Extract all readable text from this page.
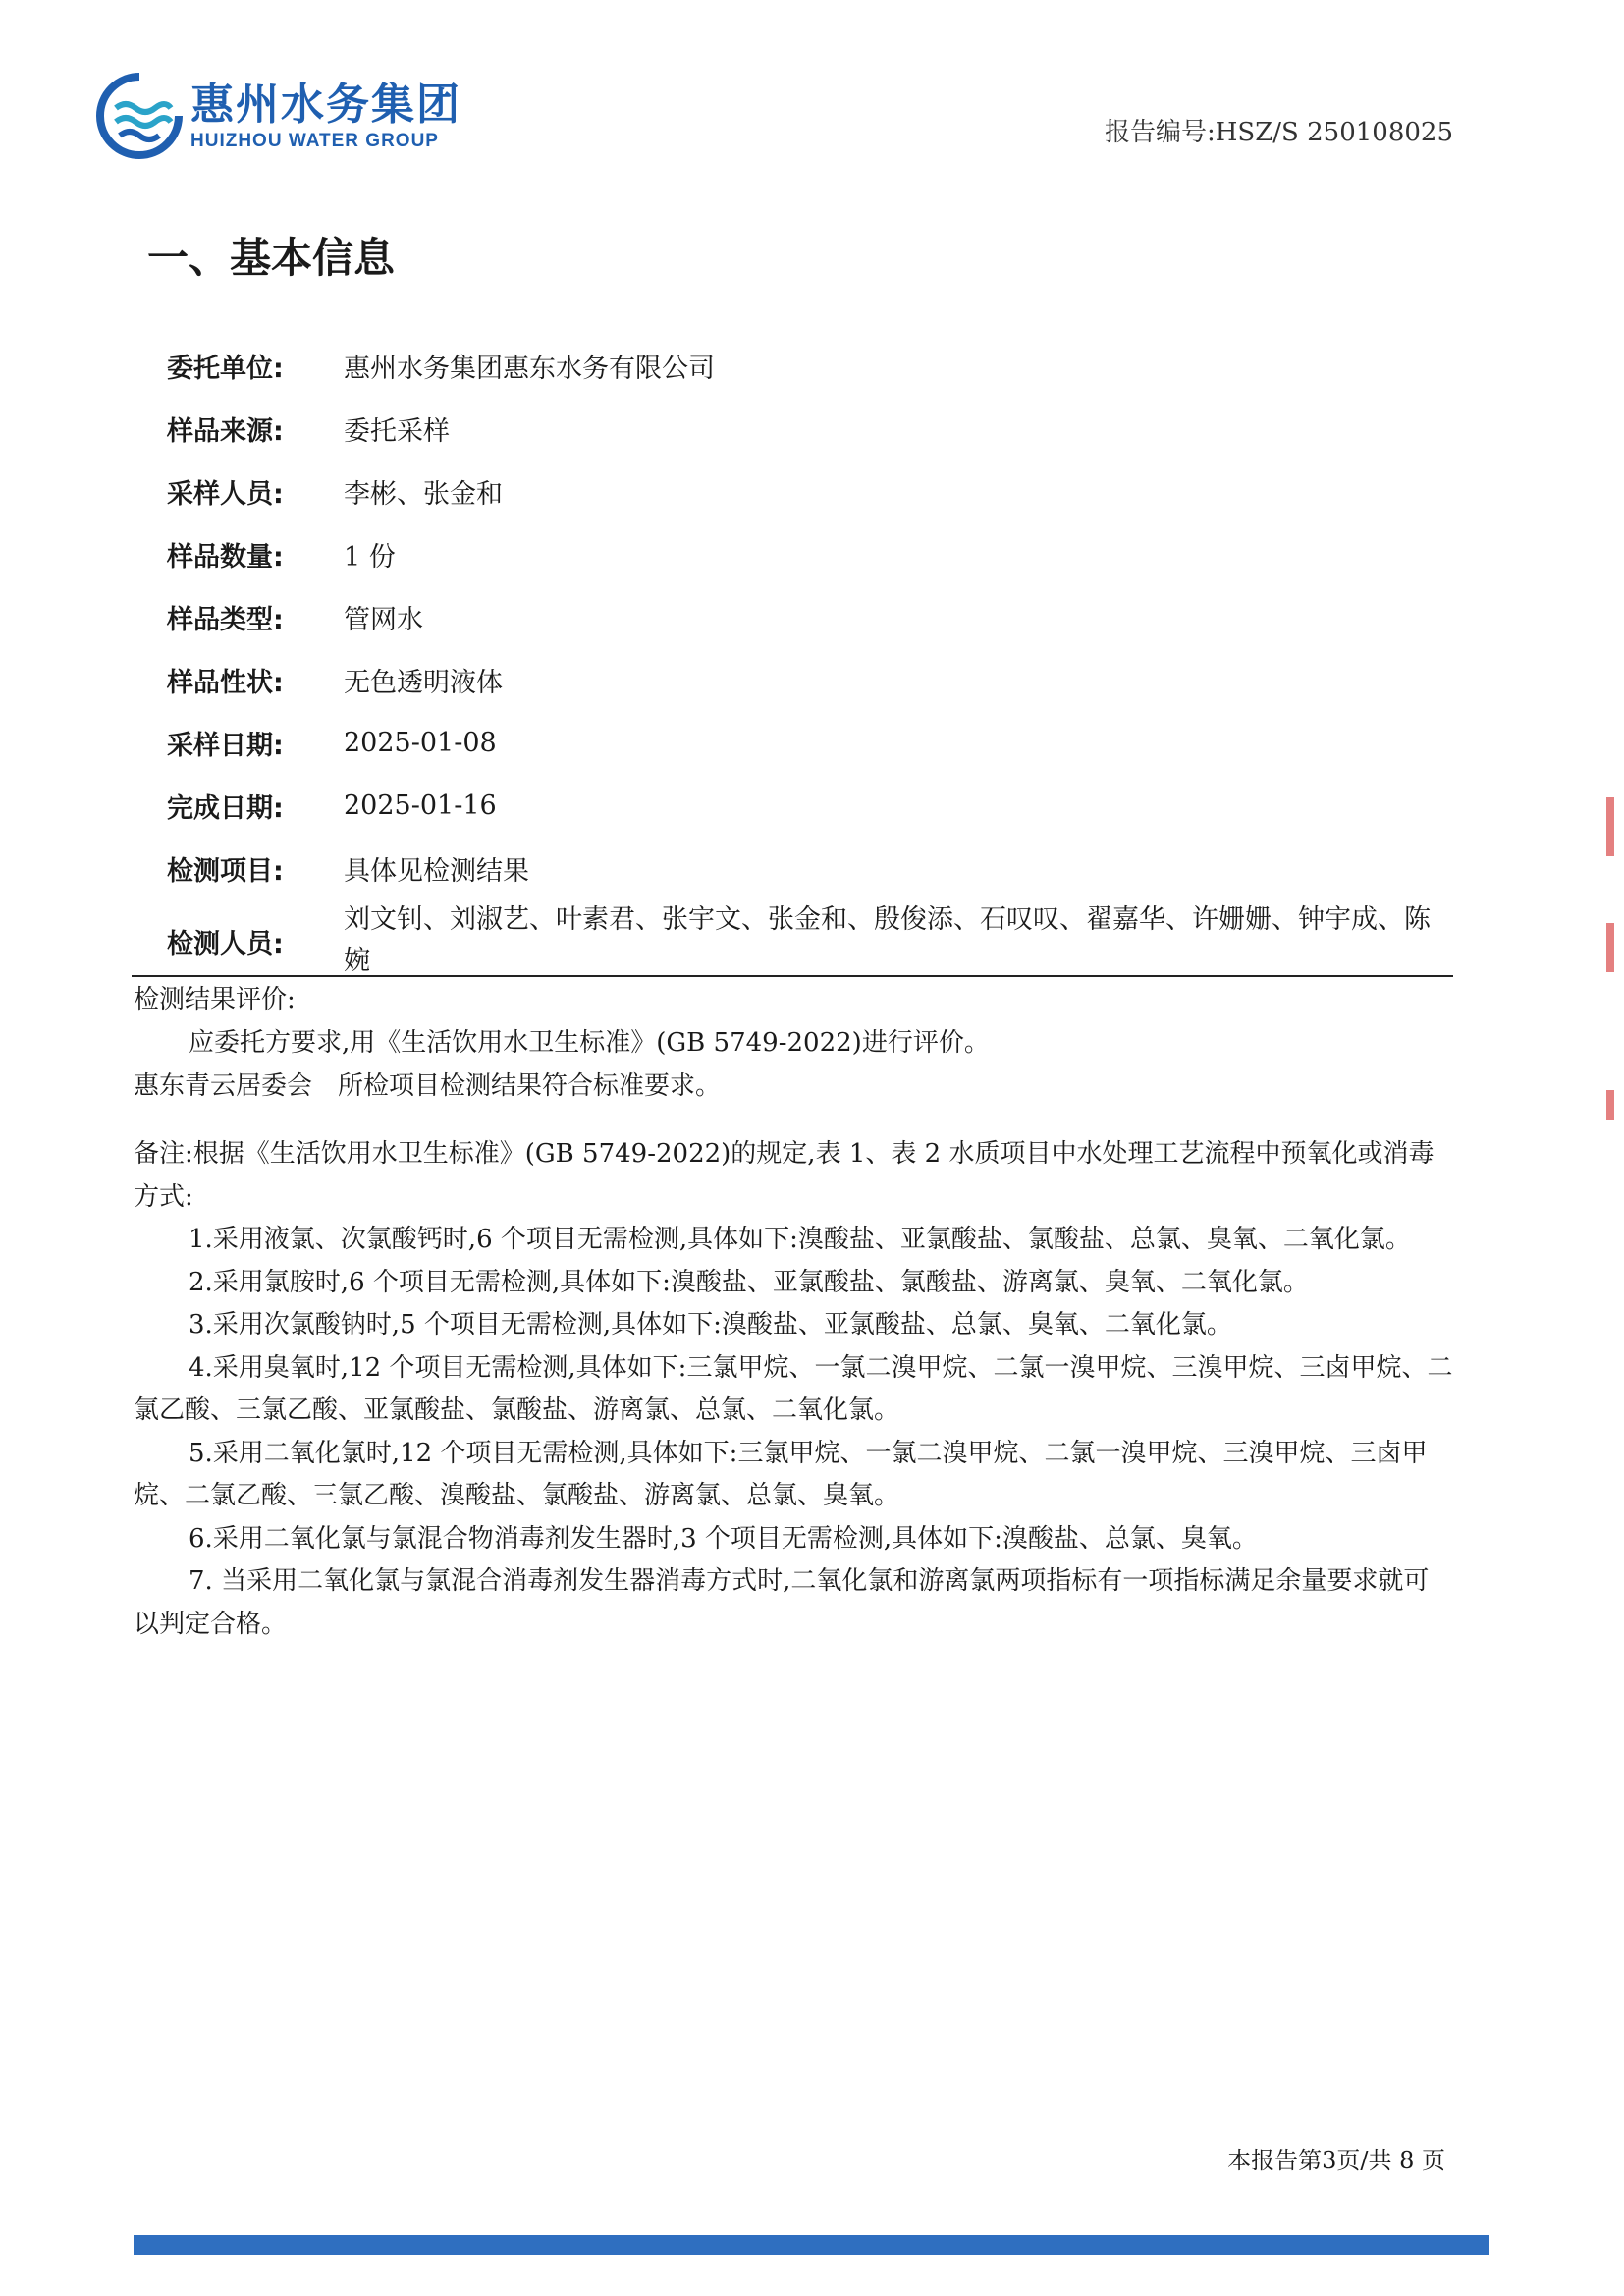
惠州水务集团
HUIZHOU WATER GROUP	报告编号:HSZ/S 250108025
一、基本信息
委托单位:	惠州水务集团惠东水务有限公司
样品来源:	委托采样
采样人员:	李彬、张金和
样品数量:	1 份
样品类型:	管网水
样品性状:	无色透明液体
采样日期:	2025-01-08
完成日期:	2025-01-16
检测项目:	具体见检测结果
检测人员:
刘文钊、刘淑艺、叶素君、张宇文、张金和、殷俊添、石叹叹、翟嘉华、许姗姗、钟宇成、陈婉

检测结果评价:

应委托方要求,用《生活饮用水卫生标准》(GB 5749-2022)进行评价。

惠东青云居委会　所检项目检测结果符合标准要求。

备注:根据《生活饮用水卫生标准》(GB 5749-2022)的规定,表 1、表 2 水质项目中水处理工艺流程中预氧化或消毒方式:

1.采用液氯、次氯酸钙时,6 个项目无需检测,具体如下:溴酸盐、亚氯酸盐、氯酸盐、总氯、臭氧、二氧化氯。

2.采用氯胺时,6 个项目无需检测,具体如下:溴酸盐、亚氯酸盐、氯酸盐、游离氯、臭氧、二氧化氯。

3.采用次氯酸钠时,5 个项目无需检测,具体如下:溴酸盐、亚氯酸盐、总氯、臭氧、二氧化氯。

4.采用臭氧时,12 个项目无需检测,具体如下:三氯甲烷、一氯二溴甲烷、二氯一溴甲烷、三溴甲烷、三卤甲烷、二氯乙酸、三氯乙酸、亚氯酸盐、氯酸盐、游离氯、总氯、二氧化氯。

5.采用二氧化氯时,12 个项目无需检测,具体如下:三氯甲烷、一氯二溴甲烷、二氯一溴甲烷、三溴甲烷、三卤甲烷、二氯乙酸、三氯乙酸、溴酸盐、氯酸盐、游离氯、总氯、臭氧。

6.采用二氧化氯与氯混合物消毒剂发生器时,3 个项目无需检测,具体如下:溴酸盐、总氯、臭氧。

7. 当采用二氧化氯与氯混合消毒剂发生器消毒方式时,二氧化氯和游离氯两项指标有一项指标满足余量要求就可以判定合格。

本报告第3页/共 8 页
